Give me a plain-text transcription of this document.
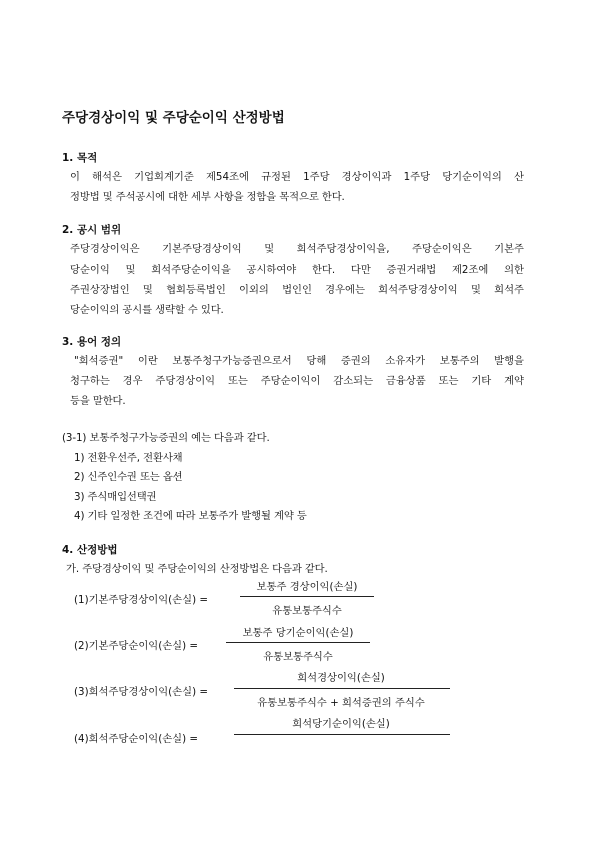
주당경상이익 및 주당순이익 산정방법
1. 목적
이 해석은 기업회계기준 제54조에 규정된 1주당 경상이익과 1주당 당기순이익의 산
정방법 및 주석공시에 대한 세부 사항을 정함을 목적으로 한다.
2. 공시 범위
주당경상이익은 기본주당경상이익 및 희석주당경상이익을, 주당순이익은 기본주
당순이익 및 희석주당순이익을 공시하여야 한다. 다만 증권거래법 제2조에 의한
주권상장법인 및 협회등록법인 이외의 법인인 경우에는 희석주당경상이익 및 희석주
당순이익의 공시를 생략할 수 있다.
3. 용어 정의
"희석증권" 이란 보통주청구가능증권으로서 당해 증권의 소유자가 보통주의 발행을
청구하는 경우 주당경상이익 또는 주당순이익이 감소되는 금융상품 또는 기타 계약
등을 말한다.
(3-1) 보통주청구가능증권의 예는 다음과 같다.
1) 전환우선주, 전환사채
2) 신주인수권 또는 옵션
3) 주식매입선택권
4) 기타 일정한 조건에 따라 보통주가 발행될 계약 등
4. 산정방법
가. 주당경상이익 및 주당순이익의 산정방법은 다음과 같다.
(1)기본주당경상이익(손실) =
보통주 경상이익(손실)
유통보통주식수
(2)기본주당순이익(손실) =
보통주 당기순이익(손실)
유통보통주식수
(3)희석주당경상이익(손실) =
희석경상이익(손실)
유통보통주식수 + 희석증권의 주식수
(4)희석주당순이익(손실) =
희석당기순이익(손실)
